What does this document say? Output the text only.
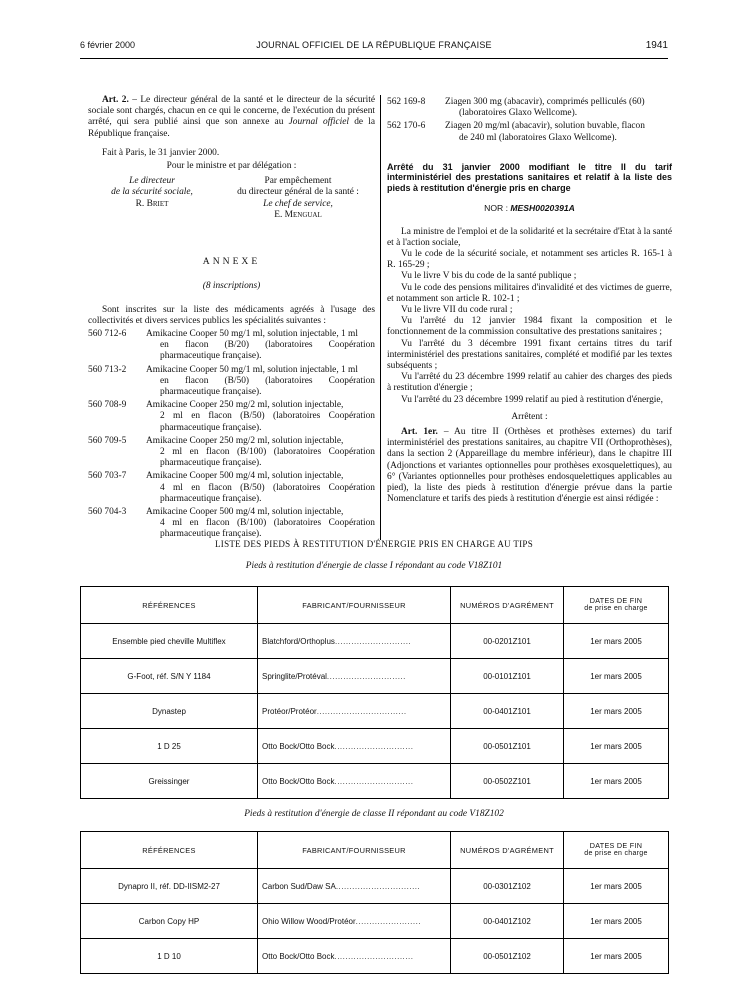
6 février 2000	JOURNAL OFFICIEL DE LA RÉPUBLIQUE FRANÇAISE	1941

Art. 2. – Le directeur général de la santé et le directeur de la sécurité sociale sont chargés, chacun en ce qui le concerne, de l'exécution du présent arrêté, qui sera publié ainsi que son annexe au Journal officiel de la République française.

Fait à Paris, le 31 janvier 2000.

Pour le ministre et par délégation :

Le directeur
de la sécurité sociale,
R. Briet
Par empêchement
du directeur général de la santé :
Le chef de service,
E. Mengual
ANNEXE
(8 inscriptions)

Sont inscrites sur la liste des médicaments agréés à l'usage des collectivités et divers services publics les spécialités suivantes :

560 712-6	Amikacine Cooper 50 mg/1 ml, solution injectable, 1 ml
en flacon (B/20) (laboratoires Coopération pharmaceutique française).
560 713-2	Amikacine Cooper 50 mg/1 ml, solution injectable, 1 ml
en flacon (B/50) (laboratoires Coopération pharmaceutique française).
560 708-9	Amikacine Cooper 250 mg/2 ml, solution injectable,
2 ml en flacon (B/50) (laboratoires Coopération pharmaceutique française).
560 709-5	Amikacine Cooper 250 mg/2 ml, solution injectable,
2 ml en flacon (B/100) (laboratoires Coopération pharmaceutique française).
560 703-7	Amikacine Cooper 500 mg/4 ml, solution injectable,
4 ml en flacon (B/50) (laboratoires Coopération pharmaceutique française).
560 704-3	Amikacine Cooper 500 mg/4 ml, solution injectable,
4 ml en flacon (B/100) (laboratoires Coopération pharmaceutique française).
562 169-8	Ziagen 300 mg (abacavir), comprimés pelliculés (60)
(laboratoires Glaxo Wellcome).
562 170-6	Ziagen 20 mg/ml (abacavir), solution buvable, flacon
de 240 ml (laboratoires Glaxo Wellcome).
Arrêté du 31 janvier 2000 modifiant le titre II du tarif interministériel des prestations sanitaires et relatif à la liste des pieds à restitution d'énergie pris en charge
NOR : MESH0020391A

La ministre de l'emploi et de la solidarité et la secrétaire d'Etat à la santé et à l'action sociale,

Vu le code de la sécurité sociale, et notamment ses articles R. 165-1 à R. 165-29 ;

Vu le livre V bis du code de la santé publique ;

Vu le code des pensions militaires d'invalidité et des victimes de guerre, et notamment son article R. 102-1 ;

Vu le livre VII du code rural ;

Vu l'arrêté du 12 janvier 1984 fixant la composition et le fonctionnement de la commission consultative des prestations sanitaires ;

Vu l'arrêté du 3 décembre 1991 fixant certains titres du tarif interministériel des prestations sanitaires, complété et modifié par les textes subséquents ;

Vu l'arrêté du 23 décembre 1999 relatif au cahier des charges des pieds à restitution d'énergie ;

Vu l'arrêté du 23 décembre 1999 relatif au pied à restitution d'énergie,

Arrêtent :

Art. 1er. – Au titre II (Orthèses et prothèses externes) du tarif interministériel des prestations sanitaires, au chapitre VII (Orthoprothèses), dans la section 2 (Appareillage du membre inférieur), dans le chapitre III (Adjonctions et variantes optionnelles pour prothèses exosquelettiques), au 6° (Variantes optionnelles pour prothèses endosquelettiques applicables au pied), la liste des pieds à restitution d'énergie prévue dans la partie Nomenclature et tarifs des pieds à restitution d'énergie est ainsi rédigée :

LISTE DES PIEDS À RESTITUTION D'ÉNERGIE PRIS EN CHARGE AU TIPS
Pieds à restitution d'énergie de classe I répondant au code V18Z101
RÉFÉRENCES	FABRICANT/FOURNISSEUR	NUMÉROS D'AGRÉMENT	DATES DE FIN
de prise en charge

Ensemble pied cheville Multiflex	Blatchford/Orthoplus............................	00-0201Z101	1er mars 2005
G-Foot, réf. S/N Y 1184	Springlite/Protéval.............................	00-0101Z101	1er mars 2005
Dynastep	Protéor/Protéor.................................	00-0401Z101	1er mars 2005
1 D 25	Otto Bock/Otto Bock.............................	00-0501Z101	1er mars 2005
Greissinger	Otto Bock/Otto Bock.............................	00-0502Z101	1er mars 2005
Pieds à restitution d'énergie de classe II répondant au code V18Z102
RÉFÉRENCES	FABRICANT/FOURNISSEUR	NUMÉROS D'AGRÉMENT	DATES DE FIN
de prise en charge

Dynapro II, réf. DD-IISM2-27	Carbon Sud/Daw SA...............................	00-0301Z102	1er mars 2005
Carbon Copy HP	Ohio Willow Wood/Protéor........................	00-0401Z102	1er mars 2005
1 D 10	Otto Bock/Otto Bock.............................	00-0501Z102	1er mars 2005
